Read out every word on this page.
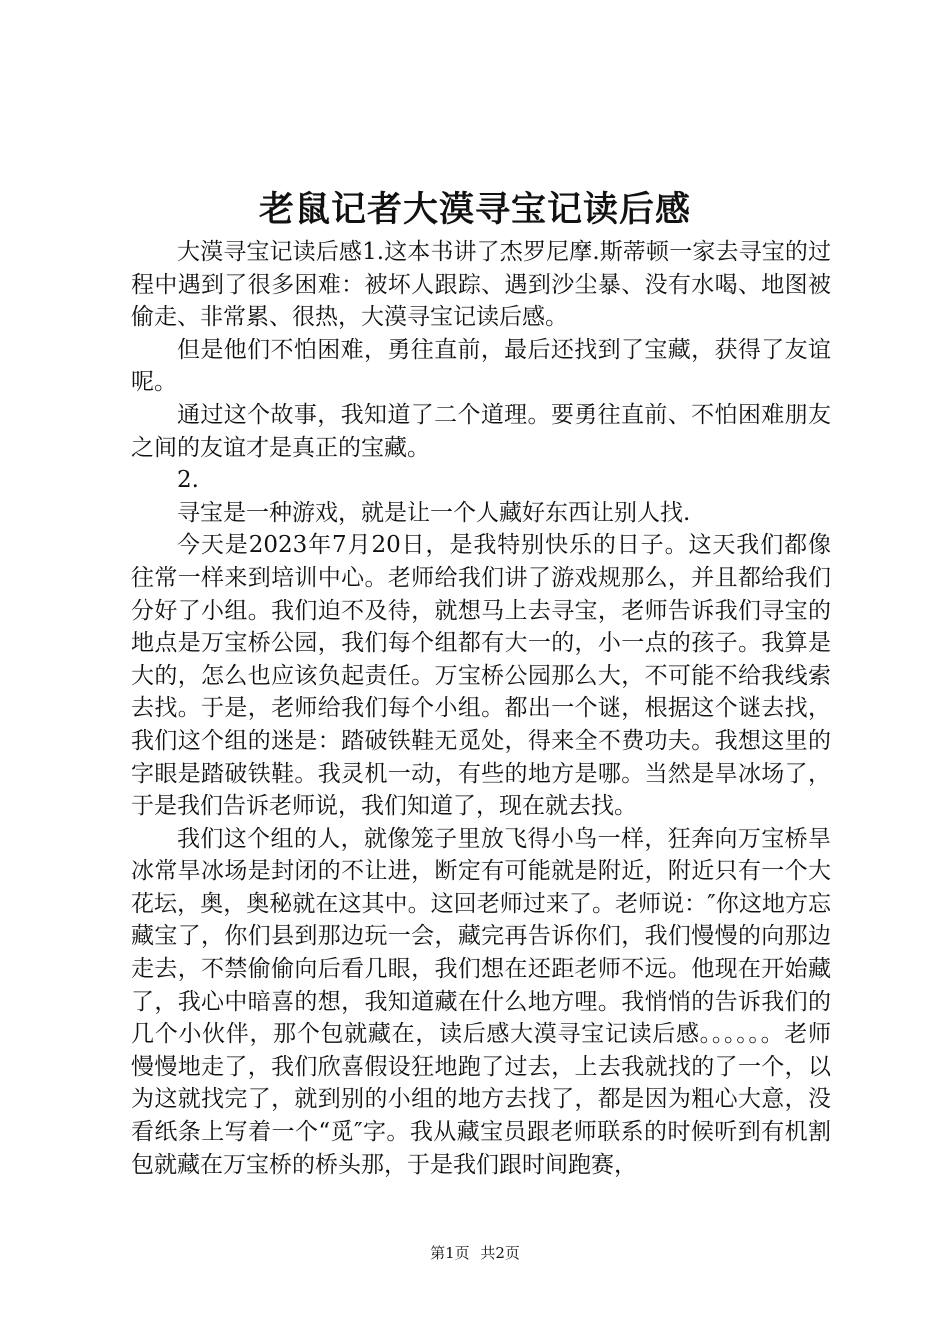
老鼠记者大漠寻宝记读后感

大漠寻宝记读后感1.这本书讲了杰罗尼摩.斯蒂顿一家去寻宝的过程中遇到了很多困难：被坏人跟踪、遇到沙尘暴、没有水喝、地图被偷走、非常累、很热，大漠寻宝记读后感。

但是他们不怕困难，勇往直前，最后还找到了宝藏，获得了友谊呢。

通过这个故事，我知道了二个道理。要勇往直前、不怕困难朋友之间的友谊才是真正的宝藏。

2.

寻宝是一种游戏，就是让一个人藏好东西让别人找.

今天是2023年7月20日，是我特别快乐的日子。这天我们都像往常一样来到培训中心。老师给我们讲了游戏规那么，并且都给我们分好了小组。我们迫不及待，就想马上去寻宝，老师告诉我们寻宝的地点是万宝桥公园，我们每个组都有大一的，小一点的孩子。我算是大的，怎么也应该负起责任。万宝桥公园那么大，不可能不给我线索去找。于是，老师给我们每个小组。都出一个谜，根据这个谜去找，我们这个组的迷是：踏破铁鞋无觅处，得来全不费功夫。我想这里的字眼是踏破铁鞋。我灵机一动，有些的地方是哪。当然是旱冰场了，于是我们告诉老师说，我们知道了，现在就去找。

我们这个组的人，就像笼子里放飞得小鸟一样，狂奔向万宝桥旱冰常旱冰场是封闭的不让进，断定有可能就是附近，附近只有一个大花坛，奥，奥秘就在这其中。这回老师过来了。老师说：″你这地方忘藏宝了，你们县到那边玩一会，藏完再告诉你们，我们慢慢的向那边走去，不禁偷偷向后看几眼，我们想在还距老师不远。他现在开始藏了，我心中暗喜的想，我知道藏在什么地方哩。我悄悄的告诉我们的几个小伙伴，那个包就藏在，读后感大漠寻宝记读后感。。。。。。老师慢慢地走了，我们欣喜假设狂地跑了过去，上去我就找的了一个，以为这就找完了，就到别的小组的地方去找了，都是因为粗心大意，没看纸条上写着一个“觅″字。我从藏宝员跟老师联系的时候听到有机割包就藏在万宝桥的桥头那，于是我们跟时间跑赛，

第1页 共2页
